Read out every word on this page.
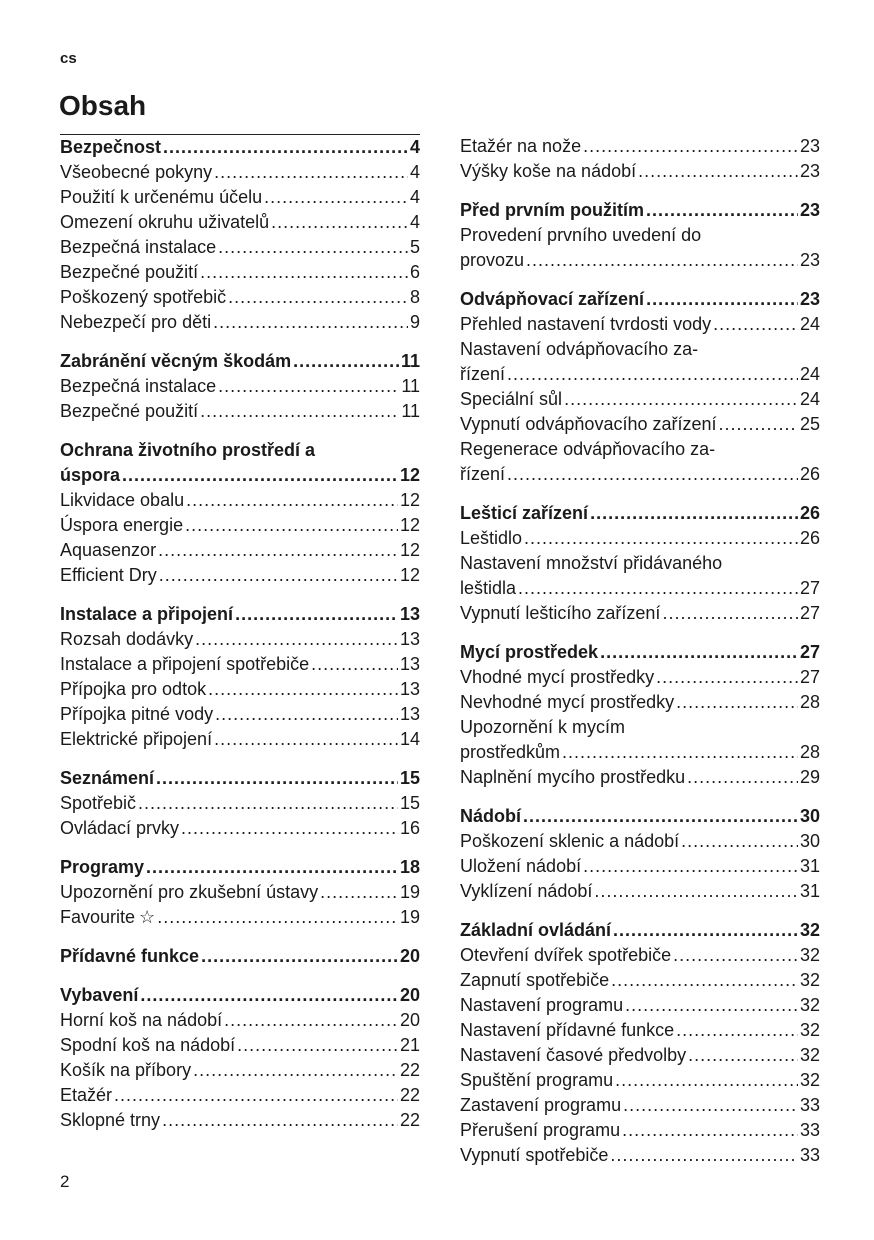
cs
Obsah
Bezpečnost .....	4
Všeobecné pokyny .....	4
Použití k určenému účelu .....	4
Omezení okruhu uživatelů .....	4
Bezpečná instalace .....	5
Bezpečné použití .....	6
Poškozený spotřebič .....	8
Nebezpečí pro děti .....	9
Zabránění věcným škodám .....	11
Bezpečná instalace .....	11
Bezpečné použití .....	11
Ochrana životního prostředí a
úspora .....	12
Likvidace obalu .....	12
Úspora energie .....	12
Aquasenzor .....	12
Efficient Dry .....	12
Instalace a připojení .....	13
Rozsah dodávky .....	13
Instalace a připojení spotřebiče .....	13
Přípojka pro odtok .....	13
Přípojka pitné vody .....	13
Elektrické připojení .....	14
Seznámení .....	15
Spotřebič .....	15
Ovládací prvky .....	16
Programy .....	18
Upozornění pro zkušební ústavy .....	19
Favourite ☆ .....	19
Přídavné funkce .....	20
Vybavení .....	20
Horní koš na nádobí .....	20
Spodní koš na nádobí .....	21
Košík na příbory .....	22
Etažér .....	22
Sklopné trny .....	22
Etažér na nože .....	23
Výšky koše na nádobí .....	23
Před prvním použitím .....	23
Provedení prvního uvedení do
provozu .....	23
Odvápňovací zařízení .....	23
Přehled nastavení tvrdosti vody .....	24
Nastavení odvápňovacího za-
řízení .....	24
Speciální sůl .....	24
Vypnutí odvápňovacího zařízení .....	25
Regenerace odvápňovacího za-
řízení .....	26
Lešticí zařízení .....	26
Leštidlo .....	26
Nastavení množství přidávaného
leštidla .....	27
Vypnutí lešticího zařízení .....	27
Mycí prostředek .....	27
Vhodné mycí prostředky .....	27
Nevhodné mycí prostředky .....	28
Upozornění k mycím
prostředkům .....	28
Naplnění mycího prostředku .....	29
Nádobí .....	30
Poškození sklenic a nádobí .....	30
Uložení nádobí .....	31
Vyklízení nádobí .....	31
Základní ovládání .....	32
Otevření dvířek spotřebiče .....	32
Zapnutí spotřebiče .....	32
Nastavení programu .....	32
Nastavení přídavné funkce .....	32
Nastavení časové předvolby .....	32
Spuštění programu .....	32
Zastavení programu .....	33
Přerušení programu .....	33
Vypnutí spotřebiče .....	33
2
